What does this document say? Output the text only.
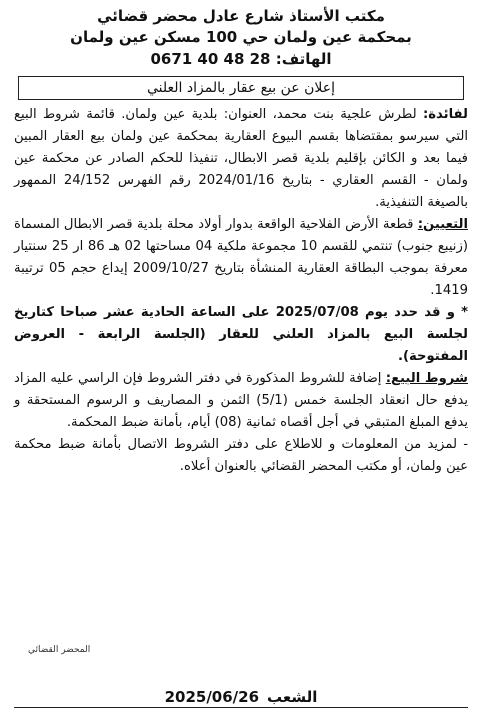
مكتب الأستاذ شارع عادل محضر قضائي
بمحكمة عين ولمان حي 100 مسكن عين ولمان
الهاتف: 0671 40 48 28
إعلان عن بيع عقار بالمزاد العلني

لفائدة: لطرش علجية بنت محمد، العنوان: بلدية عين ولمان. قائمة شروط البيع التي سيرسو بمقتضاها بقسم البيوع العقارية بمحكمة عين ولمان بيع العقار المبين فيما بعد و الكائن بإقليم بلدية قصر الابطال، تنفيذا للحكم الصادر عن محكمة عين ولمان - القسم العقاري - بتاريخ 2024/01/16 رقم الفهرس 24/152 الممهور بالصيغة التنفيذية.

التعيين: قطعة الأرض الفلاحية الواقعة بدوار أولاد محلة بلدية قصر الابطال المسماة (زنيبع جنوب) تنتمي للقسم 10 مجموعة ملكية 04 مساحتها 02 هـ 86 ار 25 سنتيار معرفة بموجب البطاقة العقارية المنشأة بتاريخ 2009/10/27 إيداع حجم 05 ترتيبة 1419.

* و قد حدد يوم 2025/07/08 على الساعة الحادية عشر صباحا كتاريخ لجلسة البيع بالمزاد العلني للعقار (الجلسة الرابعة - العروض المفتوحة).

شروط البيع: إضافة للشروط المذكورة في دفتر الشروط فإن الراسي عليه المزاد يدفع حال انعقاد الجلسة خمس (5/1) الثمن و المصاريف و الرسوم المستحقة و يدفع المبلغ المتبقي في أجل أقصاه ثمانية (08) أيام، بأمانة ضبط المحكمة.

- لمزيد من المعلومات و للاطلاع على دفتر الشروط الاتصال بأمانة ضبط محكمة عين ولمان، أو مكتب المحضر القضائي بالعنوان أعلاه.

المحضر القضائي
الشعب
2025/06/26
